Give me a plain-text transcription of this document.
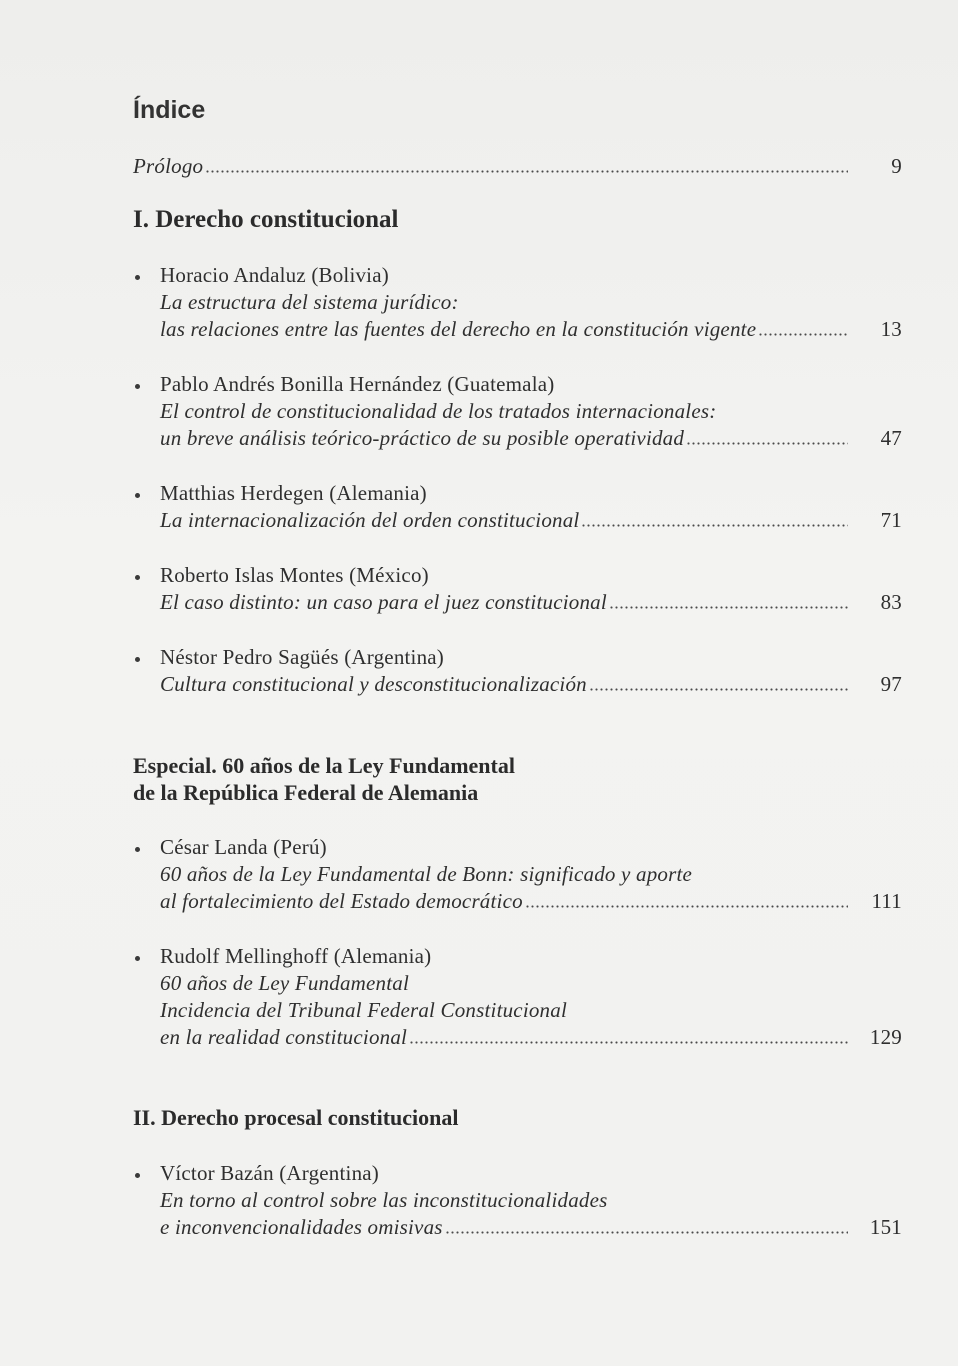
Índice
Prólogo	9
I. Derecho constitucional
Horacio Andaluz (Bolivia)
La estructura del sistema jurídico:
las relaciones entre las fuentes del derecho en la constitución vigente	13
Pablo Andrés Bonilla Hernández (Guatemala)
El control de constitucionalidad de los tratados internacionales:
un breve análisis teórico-práctico de su posible operatividad	47
Matthias Herdegen (Alemania)
La internacionalización del orden constitucional	71
Roberto Islas Montes (México)
El caso distinto: un caso para el juez constitucional	83
Néstor Pedro Sagüés (Argentina)
Cultura constitucional y desconstitucionalización	97
Especial. 60 años de la Ley Fundamental
de la República Federal de Alemania
César Landa (Perú)
60 años de la Ley Fundamental de Bonn: significado y aporte
al fortalecimiento del Estado democrático	111
Rudolf Mellinghoff (Alemania)
60 años de Ley Fundamental
Incidencia del Tribunal Federal Constitucional
en la realidad constitucional	129
II. Derecho procesal constitucional
Víctor Bazán (Argentina)
En torno al control sobre las inconstitucionalidades
e inconvencionalidades omisivas	151
